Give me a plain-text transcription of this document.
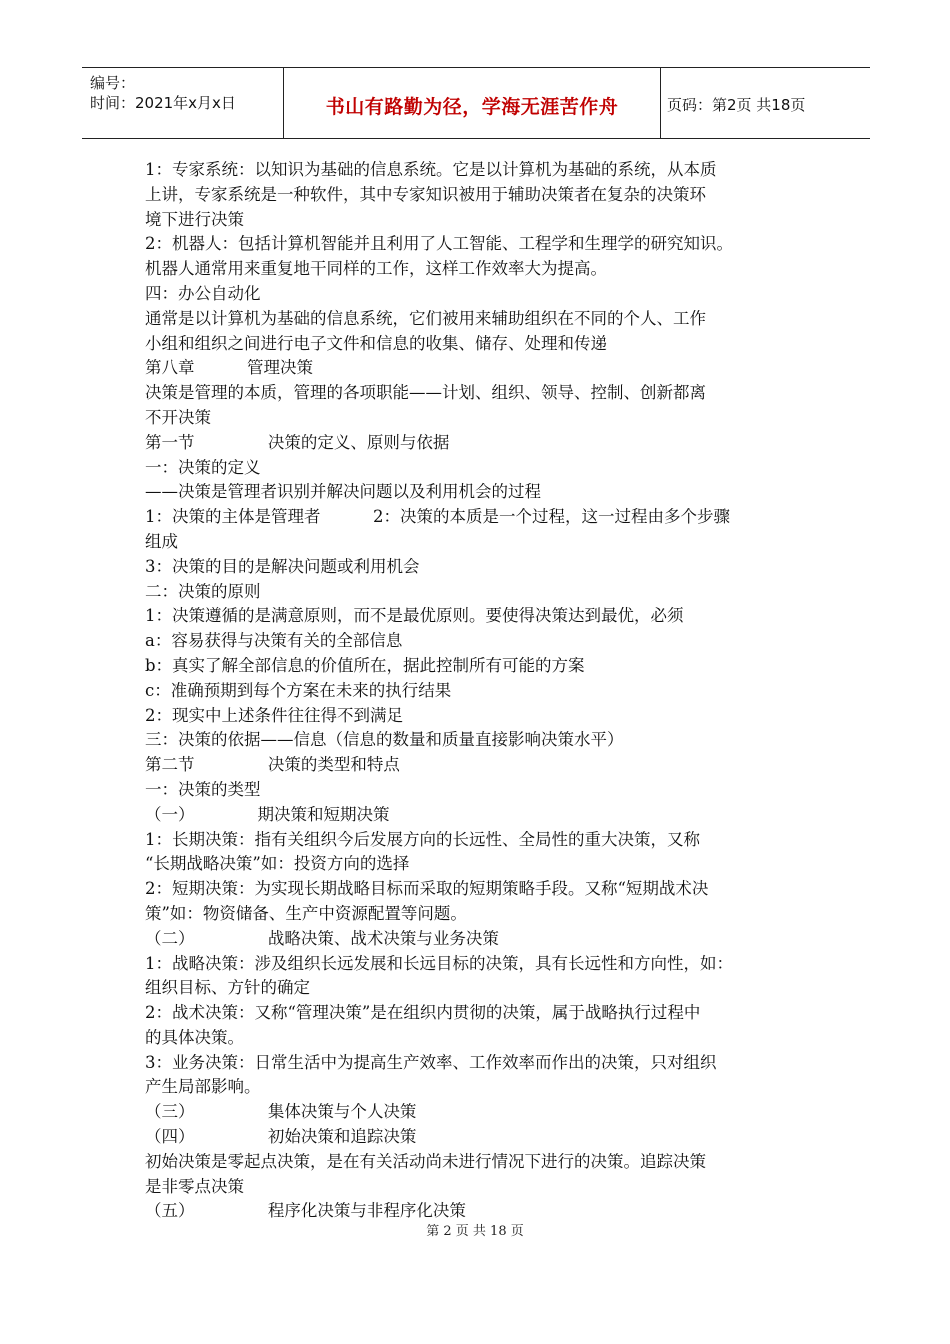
编号：
时间：2021年x月x日	书山有路勤为径，学海无涯苦作舟	页码：第2页 共18页
1：专家系统：以知识为基础的信息系统。它是以计算机为基础的系统，从本质
上讲，专家系统是一种软件，其中专家知识被用于辅助决策者在复杂的决策环
境下进行决策
2：机器人：包括计算机智能并且利用了人工智能、工程学和生理学的研究知识。
机器人通常用来重复地干同样的工作，这样工作效率大为提高。
四：办公自动化
通常是以计算机为基础的信息系统，它们被用来辅助组织在不同的个人、工作
小组和组织之间进行电子文件和信息的收集、储存、处理和传递
第八章          管理决策
决策是管理的本质，管理的各项职能——计划、组织、领导、控制、创新都离
不开决策
第一节              决策的定义、原则与依据
一：决策的定义
——决策是管理者识别并解决问题以及利用机会的过程
1：决策的主体是管理者          2：决策的本质是一个过程，这一过程由多个步骤
组成
3：决策的目的是解决问题或利用机会
二：决策的原则
1：决策遵循的是满意原则，而不是最优原则。要使得决策达到最优，必须
a：容易获得与决策有关的全部信息
b：真实了解全部信息的价值所在，据此控制所有可能的方案
c：准确预期到每个方案在未来的执行结果
2：现实中上述条件往往得不到满足
三：决策的依据——信息（信息的数量和质量直接影响决策水平）
第二节              决策的类型和特点
一：决策的类型
（一）            期决策和短期决策
1：长期决策：指有关组织今后发展方向的长远性、全局性的重大决策，又称
“长期战略决策”如：投资方向的选择
2：短期决策：为实现长期战略目标而采取的短期策略手段。又称“短期战术决
策”如：物资储备、生产中资源配置等问题。
（二）              战略决策、战术决策与业务决策
1：战略决策：涉及组织长远发展和长远目标的决策，具有长远性和方向性，如：
组织目标、方针的确定
2：战术决策：又称“管理决策”是在组织内贯彻的决策，属于战略执行过程中
的具体决策。
3：业务决策：日常生活中为提高生产效率、工作效率而作出的决策，只对组织
产生局部影响。
（三）              集体决策与个人决策
（四）              初始决策和追踪决策
初始决策是零起点决策，是在有关活动尚未进行情况下进行的决策。追踪决策
是非零点决策
（五）              程序化决策与非程序化决策
第 2 页 共 18 页
